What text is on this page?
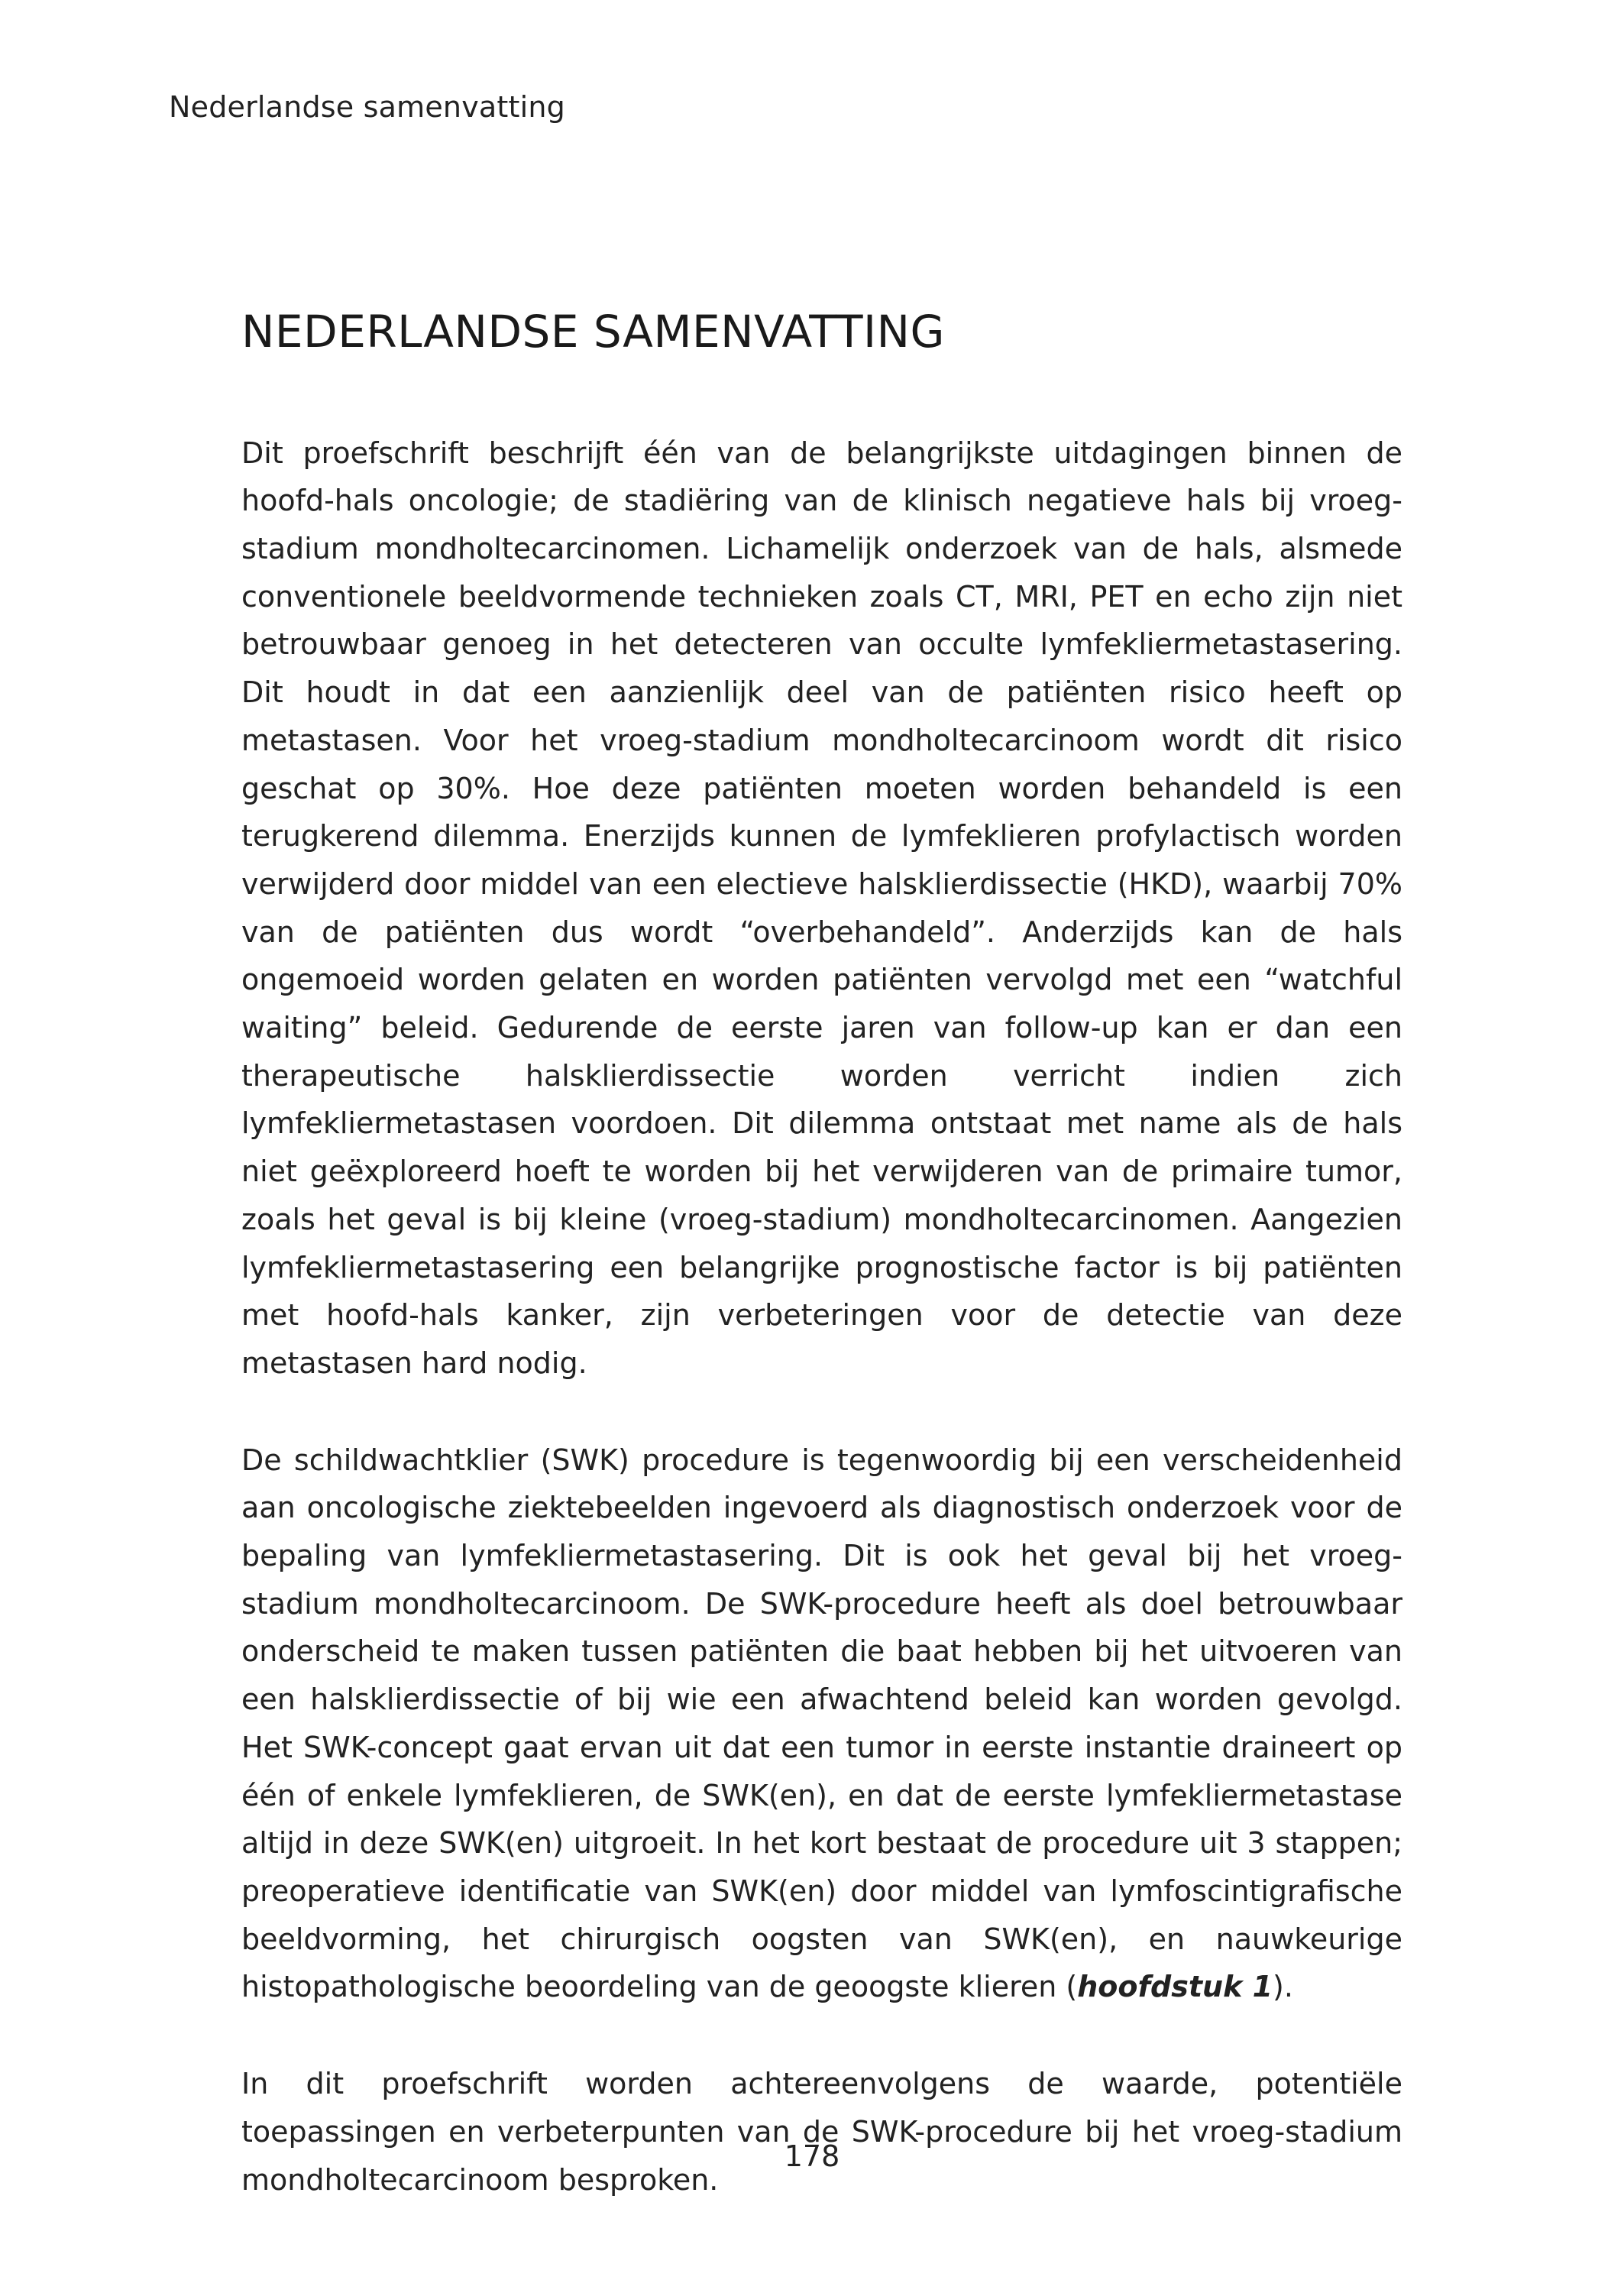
Nederlandse samenvatting
NEDERLANDSE SAMENVATTING

Dit proefschrift beschrijft één van de belangrijkste uitdagingen binnen de hoofd-hals oncologie; de stadiëring van de klinisch negatieve hals bij vroeg-stadium mondholtecarcinomen. Lichamelijk onderzoek van de hals, alsmede conventionele beeldvormende technieken zoals CT, MRI, PET en echo zijn niet betrouwbaar genoeg in het detecteren van occulte lymfekliermetastasering. Dit houdt in dat een aanzienlijk deel van de patiënten risico heeft op metastasen. Voor het vroeg-stadium mondholtecarcinoom wordt dit risico geschat op 30%. Hoe deze patiënten moeten worden behandeld is een terugkerend dilemma. Enerzijds kunnen de lymfeklieren profylactisch worden verwijderd door middel van een electieve halsklierdissectie (HKD), waarbij 70% van de patiënten dus wordt “overbehandeld”. Anderzijds kan de hals ongemoeid worden gelaten en worden patiënten vervolgd met een “watchful waiting” beleid. Gedurende de eerste jaren van follow-up kan er dan een therapeutische halsklierdissectie worden verricht indien zich lymfekliermetastasen voordoen. Dit dilemma ontstaat met name als de hals niet geëxploreerd hoeft te worden bij het verwijderen van de primaire tumor, zoals het geval is bij kleine (vroeg-stadium) mondholtecarcinomen. Aangezien lymfekliermetastasering een belangrijke prognostische factor is bij patiënten met hoofd-hals kanker, zijn verbeteringen voor de detectie van deze metastasen hard nodig.

De schildwachtklier (SWK) procedure is tegenwoordig bij een verscheidenheid aan oncologische ziektebeelden ingevoerd als diagnostisch onderzoek voor de bepaling van lymfekliermetastasering. Dit is ook het geval bij het vroeg-stadium mondholtecarcinoom. De SWK-procedure heeft als doel betrouwbaar onderscheid te maken tussen patiënten die baat hebben bij het uitvoeren van een halsklierdissectie of bij wie een afwachtend beleid kan worden gevolgd. Het SWK-concept gaat ervan uit dat een tumor in eerste instantie draineert op één of enkele lymfeklieren, de SWK(en), en dat de eerste lymfekliermetastase altijd in deze SWK(en) uitgroeit. In het kort bestaat de procedure uit 3 stappen; preoperatieve identificatie van SWK(en) door middel van lymfoscintigrafische beeldvorming, het chirurgisch oogsten van SWK(en), en nauwkeurige histopathologische beoordeling van de geoogste klieren (hoofdstuk 1).

In dit proefschrift worden achtereenvolgens de waarde, potentiële toepassingen en verbeterpunten van de SWK-procedure bij het vroeg-stadium mondholtecarcinoom besproken.

178
